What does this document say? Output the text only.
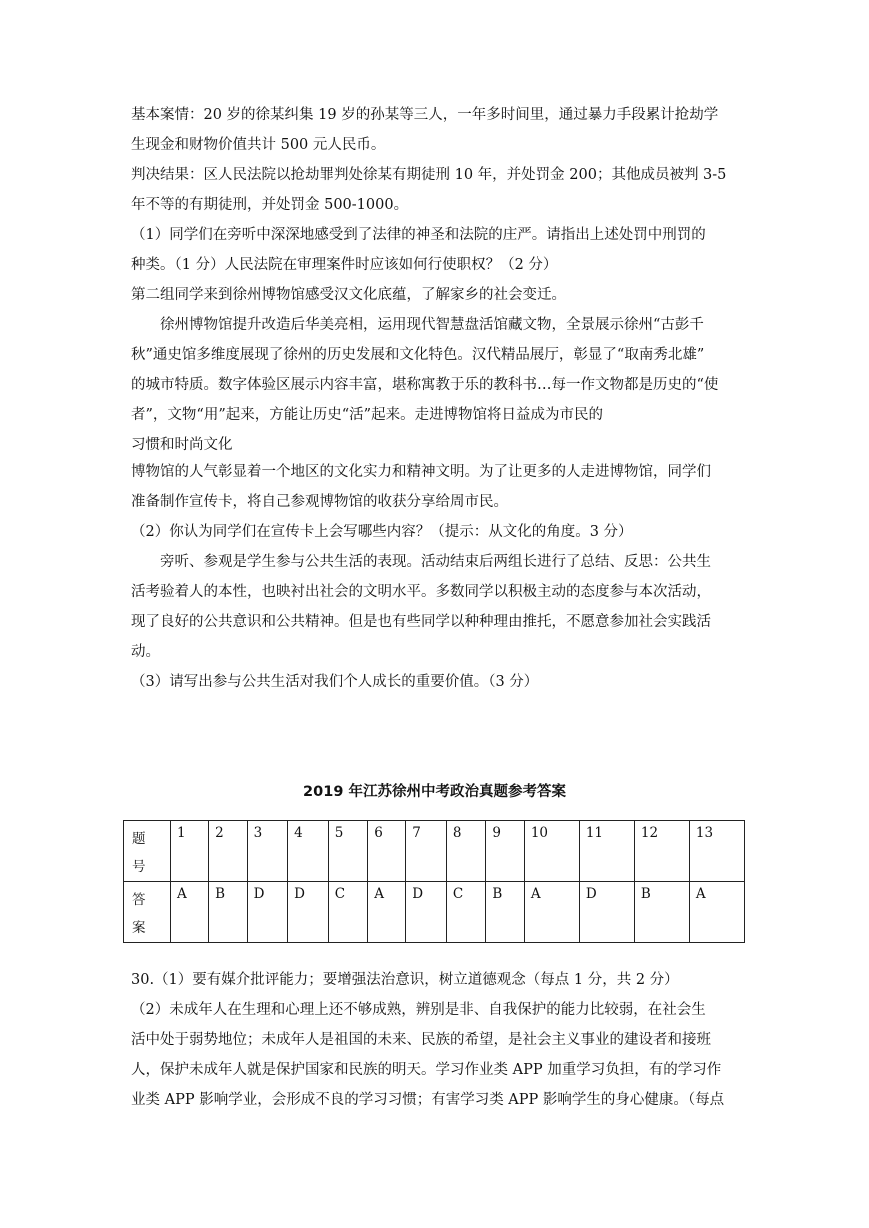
基本案情：20 岁的徐某纠集 19 岁的孙某等三人，一年多时间里，通过暴力手段累计抢劫学
生现金和财物价值共计 500 元人民币。
判决结果：区人民法院以抢劫罪判处徐某有期徒刑 10 年，并处罚金 200；其他成员被判 3-5
年不等的有期徒刑，并处罚金 500-1000。
（1）同学们在旁听中深深地感受到了法律的神圣和法院的庄严。请指出上述处罚中刑罚的
种类。（1 分）人民法院在审理案件时应该如何行使职权？（2 分）
第二组同学来到徐州博物馆感受汉文化底蕴，了解家乡的社会变迁。
　　徐州博物馆提升改造后华美亮相，运用现代智慧盘活馆藏文物，全景展示徐州“古彭千
秋”通史馆多维度展现了徐州的历史发展和文化特色。汉代精品展厅，彰显了“取南秀北雄”
的城市特质。数字体验区展示内容丰富，堪称寓教于乐的教科书…每一作文物都是历史的“使
者”，文物“用”起来，方能让历史“活”起来。走进博物馆将日益成为市民的
习惯和时尚文化
博物馆的人气彰显着一个地区的文化实力和精神文明。为了让更多的人走进博物馆，同学们
准备制作宣传卡，将自己参观博物馆的收获分享给周市民。
（2）你认为同学们在宣传卡上会写哪些内容？（提示：从文化的角度。3 分）
　　旁听、参观是学生参与公共生活的表现。活动结束后两组长进行了总结、反思：公共生
活考验着人的本性，也映衬出社会的文明水平。多数同学以积极主动的态度参与本次活动，
现了良好的公共意识和公共精神。但是也有些同学以种种理由推托，不愿意参加社会实践活
动。
（3）请写出参与公共生活对我们个人成长的重要价值。（3 分）
2019 年江苏徐州中考政治真题参考答案
题
号	1	2	3	4	5	6	7	8	9	10	11	12	13

答
案	A	B	D	D	C	A	D	C	B	A	D	B	A
30.（1）要有媒介批评能力；要增强法治意识，树立道德观念（每点 1 分，共 2 分）
（2）未成年人在生理和心理上还不够成熟，辨别是非、自我保护的能力比较弱，在社会生
活中处于弱势地位；未成年人是祖国的未来、民族的希望，是社会主义事业的建设者和接班
人，保护未成年人就是保护国家和民族的明天。学习作业类 APP 加重学习负担，有的学习作
业类 APP 影响学业，会形成不良的学习习惯；有害学习类 APP 影响学生的身心健康。（每点
